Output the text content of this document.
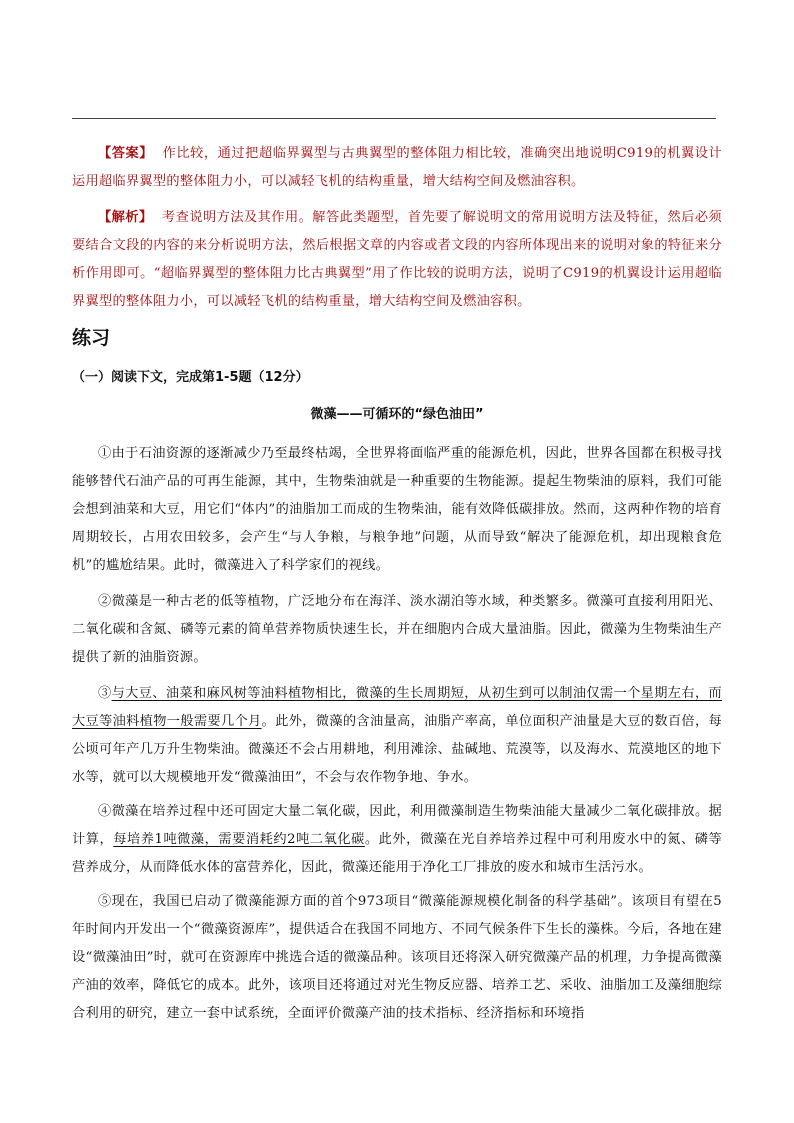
【答案】 作比较，通过把超临界翼型与古典翼型的整体阻力相比较，准确突出地说明C919的机翼设计运用超临界翼型的整体阻力小，可以减轻飞机的结构重量，增大结构空间及燃油容积。

【解析】 考查说明方法及其作用。解答此类题型，首先要了解说明文的常用说明方法及特征，然后必须要结合文段的内容的来分析说明方法，然后根据文章的内容或者文段的内容所体现出来的说明对象的特征来分析作用即可。“超临界翼型的整体阻力比古典翼型”用了作比较的说明方法，说明了C919的机翼设计运用超临界翼型的整体阻力小，可以减轻飞机的结构重量，增大结构空间及燃油容积。

练习
（一）阅读下文，完成第1-5题（12分）
微藻——可循环的“绿色油田”

①由于石油资源的逐渐减少乃至最终枯竭，全世界将面临严重的能源危机，因此，世界各国都在积极寻找能够替代石油产品的可再生能源，其中，生物柴油就是一种重要的生物能源。提起生物柴油的原料，我们可能会想到油菜和大豆，用它们“体内”的油脂加工而成的生物柴油，能有效降低碳排放。然而，这两种作物的培育周期较长，占用农田较多，会产生“与人争粮，与粮争地”问题，从而导致“解决了能源危机，却出现粮食危机”的尴尬结果。此时，微藻进入了科学家们的视线。

②微藻是一种古老的低等植物，广泛地分布在海洋、淡水湖泊等水域，种类繁多。微藻可直接利用阳光、二氧化碳和含氮、磷等元素的简单营养物质快速生长，并在细胞内合成大量油脂。因此，微藻为生物柴油生产提供了新的油脂资源。

③与大豆、油菜和麻风树等油料植物相比，微藻的生长周期短，从初生到可以制油仅需一个星期左右，而大豆等油料植物一般需要几个月。此外，微藻的含油量高，油脂产率高，单位面积产油量是大豆的数百倍，每公顷可年产几万升生物柴油。微藻还不会占用耕地，利用滩涂、盐碱地、荒漠等，以及海水、荒漠地区的地下水等，就可以大规模地开发“微藻油田”，不会与农作物争地、争水。

④微藻在培养过程中还可固定大量二氧化碳，因此，利用微藻制造生物柴油能大量减少二氧化碳排放。据计算，每培养1吨微藻，需要消耗约2吨二氧化碳。此外，微藻在光自养培养过程中可利用废水中的氮、磷等营养成分，从而降低水体的富营养化，因此，微藻还能用于净化工厂排放的废水和城市生活污水。

⑤现在，我国已启动了微藻能源方面的首个973项目“微藻能源规模化制备的科学基础”。该项目有望在5年时间内开发出一个“微藻资源库”，提供适合在我国不同地方、不同气候条件下生长的藻株。今后，各地在建设“微藻油田”时，就可在资源库中挑选合适的微藻品种。该项目还将深入研究微藻产品的机理，力争提高微藻产油的效率，降低它的成本。此外，该项目还将通过对光生物反应器、培养工艺、采收、油脂加工及藻细胞综合利用的研究，建立一套中试系统，全面评价微藻产油的技术指标、经济指标和环境指
